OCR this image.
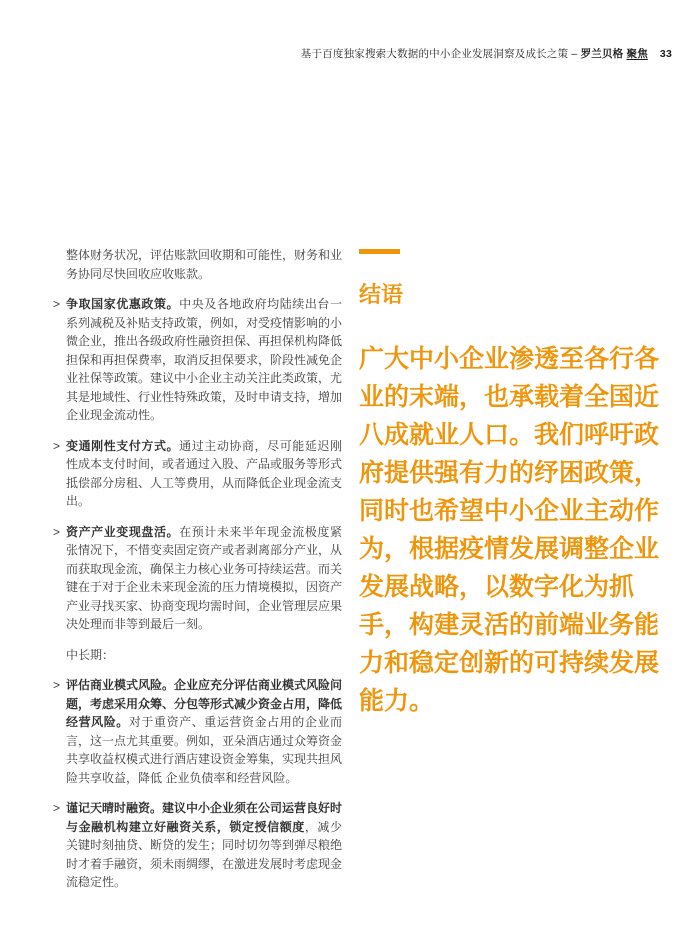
基于百度独家搜索大数据的中小企业发展洞察及成长之策 – 罗兰贝格 聚焦 33

整体财务状况，评估账款回收期和可能性，财务和业务协同尽快回收应收账款。

> 争取国家优惠政策。中央及各地政府均陆续出台一系列减税及补贴支持政策，例如，对受疫情影响的小微企业，推出各级政府性融资担保、再担保机构降低担保和再担保费率，取消反担保要求，阶段性减免企业社保等政策。建议中小企业主动关注此类政策，尤其是地域性、行业性特殊政策，及时申请支持，增加企业现金流动性。
> 变通刚性支付方式。通过主动协商，尽可能延迟刚性成本支付时间，或者通过入股、产品或服务等形式抵偿部分房租、人工等费用，从而降低企业现金流支出。
> 资产产业变现盘活。在预计未来半年现金流极度紧张情况下，不惜变卖固定资产或者剥离部分产业，从而获取现金流，确保主力核心业务可持续运营。而关键在于对于企业未来现金流的压力情境模拟，因资产产业寻找买家、协商变现均需时间，企业管理层应果决处理而非等到最后一刻。

中长期：

> 评估商业模式风险。企业应充分评估商业模式风险问题，考虑采用众筹、分包等形式减少资金占用，降低经营风险。对于重资产、重运营资金占用的企业而言，这一点尤其重要。例如，亚朵酒店通过众筹资金共享收益权模式进行酒店建设资金筹集，实现共担风险共享收益，降低 企业负债率和经营风险。
> 谨记天晴时融资。建议中小企业须在公司运营良好时与金融机构建立好融资关系，锁定授信额度，减少关键时刻抽贷、断贷的发生；同时切勿等到弹尽粮绝时才着手融资，须未雨绸缪，在激进发展时考虑现金流稳定性。
结语

广大中小企业渗透至各行各业的末端，也承载着全国近八成就业人口。我们呼吁政府提供强有力的纾困政策，同时也希望中小企业主动作为，根据疫情发展调整企业发展战略，以数字化为抓手，构建灵活的前端业务能力和稳定创新的可持续发展能力。
